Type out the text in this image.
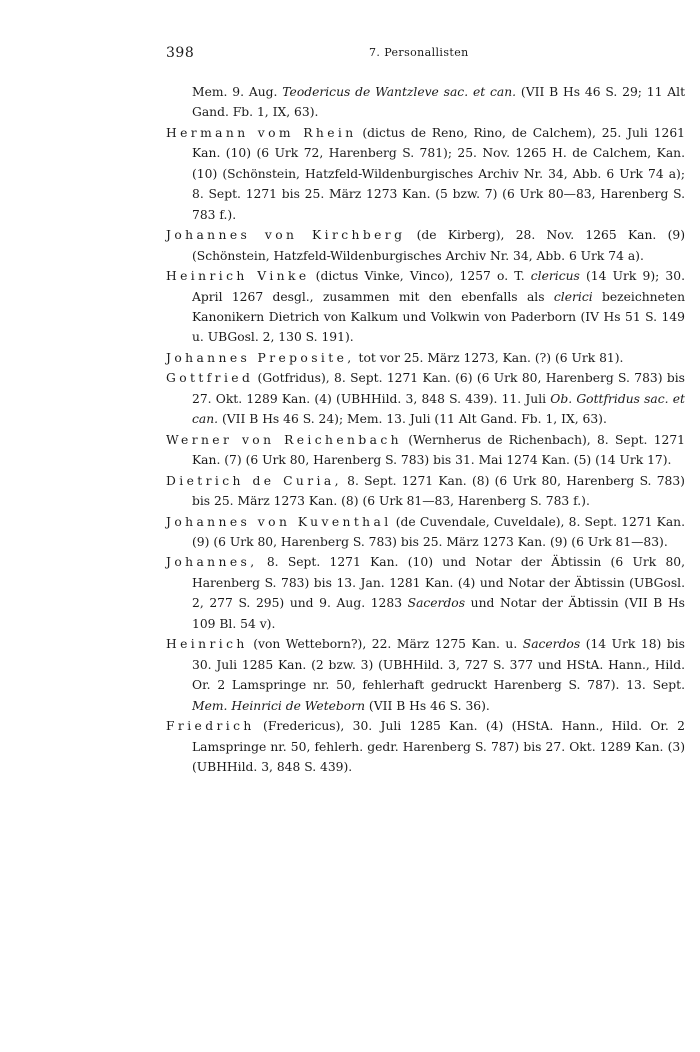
398	7. Personallisten
Mem. 9. Aug. Teodericus de Wantzleve sac. et can. (VII B Hs 46 S. 29; 11 Alt Gand. Fb. 1, IX, 63).
Hermann vom Rhein (dictus de Reno, Rino, de Calchem), 25. Juli 1261 Kan. (10) (6 Urk 72, Harenberg S. 781); 25. Nov. 1265 H. de Calchem, Kan. (10) (Schönstein, Hatzfeld-Wildenburgisches Archiv Nr. 34, Abb. 6 Urk 74 a); 8. Sept. 1271 bis 25. März 1273 Kan. (5 bzw. 7) (6 Urk 80—83, Harenberg S. 783 f.).
Johannes von Kirchberg (de Kirberg), 28. Nov. 1265 Kan. (9) (Schönstein, Hatzfeld-Wildenburgisches Archiv Nr. 34, Abb. 6 Urk 74 a).
Heinrich Vinke (dictus Vinke, Vinco), 1257 o. T. clericus (14 Urk 9); 30. April 1267 desgl., zusammen mit den ebenfalls als clerici bezeichneten Kanonikern Dietrich von Kalkum und Volkwin von Paderborn (IV Hs 51 S. 149 u. UBGosl. 2, 130 S. 191).
Johannes Preposite, tot vor 25. März 1273, Kan. (?) (6 Urk 81).
Gottfried (Gotfridus), 8. Sept. 1271 Kan. (6) (6 Urk 80, Harenberg S. 783) bis 27. Okt. 1289 Kan. (4) (UBHHild. 3, 848 S. 439). 11. Juli Ob. Gottfridus sac. et can. (VII B Hs 46 S. 24); Mem. 13. Juli (11 Alt Gand. Fb. 1, IX, 63).
Werner von Reichenbach (Wernherus de Richenbach), 8. Sept. 1271 Kan. (7) (6 Urk 80, Harenberg S. 783) bis 31. Mai 1274 Kan. (5) (14 Urk 17).
Dietrich de Curia, 8. Sept. 1271 Kan. (8) (6 Urk 80, Harenberg S. 783) bis 25. März 1273 Kan. (8) (6 Urk 81—83, Harenberg S. 783 f.).
Johannes von Kuventhal (de Cuvendale, Cuveldale), 8. Sept. 1271 Kan. (9) (6 Urk 80, Harenberg S. 783) bis 25. März 1273 Kan. (9) (6 Urk 81—83).
Johannes, 8. Sept. 1271 Kan. (10) und Notar der Äbtissin (6 Urk 80, Harenberg S. 783) bis 13. Jan. 1281 Kan. (4) und Notar der Äbtissin (UBGosl. 2, 277 S. 295) und 9. Aug. 1283 Sacerdos und Notar der Äbtissin (VII B Hs 109 Bl. 54 v).
Heinrich (von Wetteborn?), 22. März 1275 Kan. u. Sacerdos (14 Urk 18) bis 30. Juli 1285 Kan. (2 bzw. 3) (UBHHild. 3, 727 S. 377 und HStA. Hann., Hild. Or. 2 Lamspringe nr. 50, fehlerhaft gedruckt Harenberg S. 787). 13. Sept. Mem. Heinrici de Weteborn (VII B Hs 46 S. 36).
Friedrich (Fredericus), 30. Juli 1285 Kan. (4) (HStA. Hann., Hild. Or. 2 Lamspringe nr. 50, fehlerh. gedr. Harenberg S. 787) bis 27. Okt. 1289 Kan. (3) (UBHHild. 3, 848 S. 439).
